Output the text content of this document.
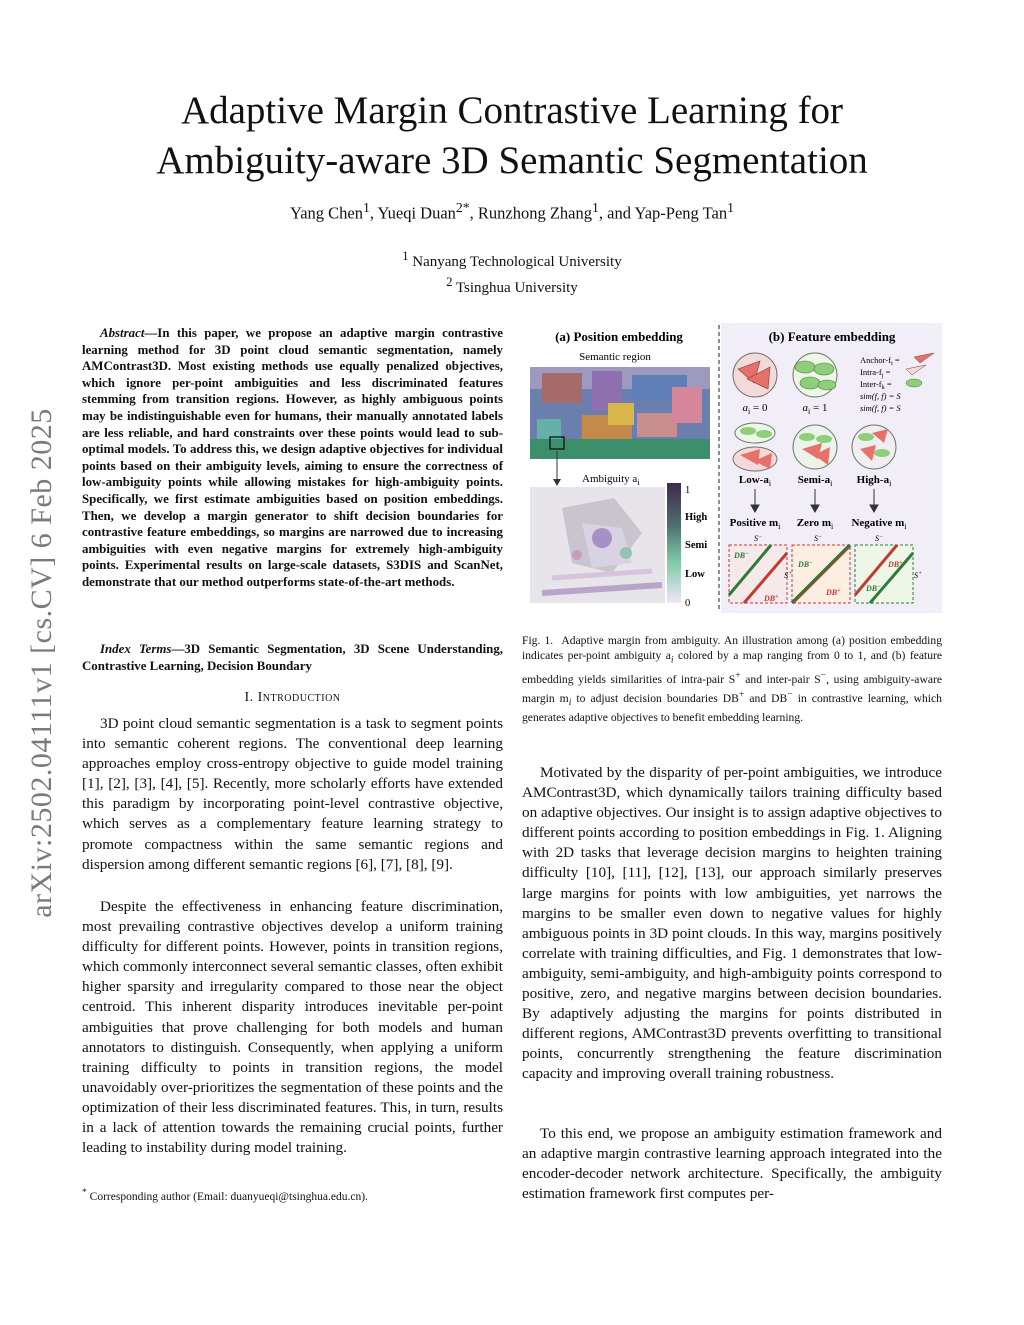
arXiv:2502.04111v1 [cs.CV] 6 Feb 2025
Adaptive Margin Contrastive Learning for
Ambiguity-aware 3D Semantic Segmentation
Yang Chen$^1$, Yueqi Duan$^{2*}$, Runzhong Zhang$^1$, and Yap-Peng Tan$^1$
$^1$ Nanyang Technological University
$^2$ Tsinghua University

Abstract—In this paper, we propose an adaptive margin contrastive learning method for 3D point cloud semantic segmentation, namely AMContrast3D. Most existing methods use equally penalized objectives, which ignore per-point ambiguities and less discriminated features stemming from transition regions. However, as highly ambiguous points may be indistinguishable even for humans, their manually annotated labels are less reliable, and hard constraints over these points would lead to sub-optimal models. To address this, we design adaptive objectives for individual points based on their ambiguity levels, aiming to ensure the correctness of low-ambiguity points while allowing mistakes for high-ambiguity points. Specifically, we first estimate ambiguities based on position embeddings. Then, we develop a margin generator to shift decision boundaries for contrastive feature embeddings, so margins are narrowed due to increasing ambiguities with even negative margins for extremely high-ambiguity points. Experimental results on large-scale datasets, S3DIS and ScanNet, demonstrate that our method outperforms state-of-the-art methods.

Index Terms—3D Semantic Segmentation, 3D Scene Understanding, Contrastive Learning, Decision Boundary

I. Introduction

3D point cloud semantic segmentation is a task to segment points into semantic coherent regions. The conventional deep learning approaches employ cross-entropy objective to guide model training [1], [2], [3], [4], [5]. Recently, more scholarly efforts have extended this paradigm by incorporating point-level contrastive objective, which serves as a complementary feature learning strategy to promote compactness within the same semantic regions and dispersion among different semantic regions [6], [7], [8], [9].

Despite the effectiveness in enhancing feature discrimination, most prevailing contrastive objectives develop a uniform training difficulty for different points. However, points in transition regions, which commonly interconnect several semantic classes, often exhibit higher sparsity and irregularity compared to those near the object centroid. This inherent disparity introduces inevitable per-point ambiguities that prove challenging for both models and human annotators to distinguish. Consequently, when applying a uniform training difficulty to points in transition regions, the model unavoidably over-prioritizes the segmentation of these points and the optimization of their less discriminated features. This, in turn, results in a lack of attention towards the remaining crucial points, further leading to instability during model training.

* Corresponding author (Email: duanyueqi@tsinghua.edu.cn).
(a) Position embedding	(b) Feature embedding
Semantic region
Ambiguity $a_i$
1
High
Semi
Low
0
$a_i = 0$	$a_i = 1$
Anchor-$f_i$ =
Intra-$f_j$ =
Inter-$f_k$ =
sim(f, f) = S
sim(f, f) = S
Low-$a_i$ Semi-$a_i$ High-$a_i$
Positive $m_i$ Zero $m_i$ Negative $m_i$
S−
DB−
DB+
S+
S−
DB−
DB+
S−
DB+
DB−
S+
Fig. 1. Adaptive margin from ambiguity. An illustration among (a) position embedding indicates per-point ambiguity $a_i$ colored by a map ranging from 0 to 1, and (b) feature embedding yields similarities of intra-pair S+ and inter-pair S−, using ambiguity-aware margin $m_i$ to adjust decision boundaries DB+ and DB− in contrastive learning, which generates adaptive objectives to benefit embedding learning.

Motivated by the disparity of per-point ambiguities, we introduce AMContrast3D, which dynamically tailors training difficulty based on adaptive objectives. Our insight is to assign adaptive objectives to different points according to position embeddings in Fig. 1. Aligning with 2D tasks that leverage decision margins to heighten training difficulty [10], [11], [12], [13], our approach similarly preserves large margins for points with low ambiguities, yet narrows the margins to be smaller even down to negative values for highly ambiguous points in 3D point clouds. In this way, margins positively correlate with training difficulties, and Fig. 1 demonstrates that low-ambiguity, semi-ambiguity, and high-ambiguity points correspond to positive, zero, and negative margins between decision boundaries. By adaptively adjusting the margins for points distributed in different regions, AMContrast3D prevents overfitting to transitional points, concurrently strengthening the feature discrimination capacity and improving overall training robustness.

To this end, we propose an ambiguity estimation framework and an adaptive margin contrastive learning approach integrated into the encoder-decoder network architecture. Specifically, the ambiguity estimation framework first computes per-
